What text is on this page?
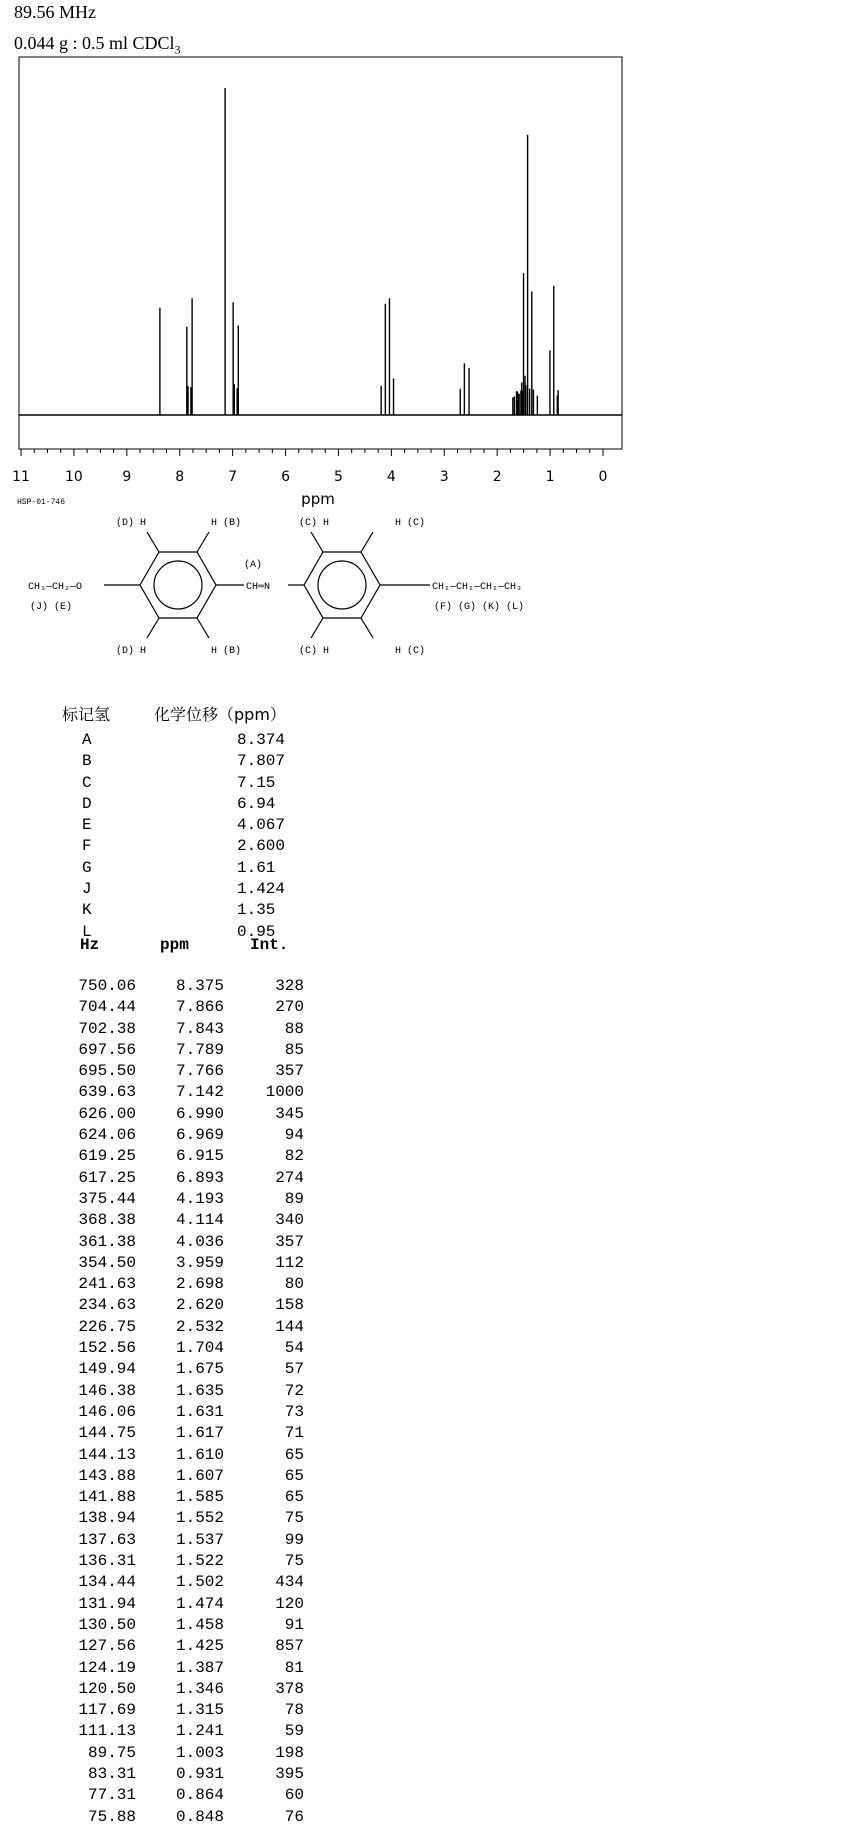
89.56 MHz
0.044 g : 0.5 ml CDCl$_3$
11	10	9	8	7	6	5	4	3	2	1	0
ppm
HSP-01-746
(D) H	H (B)	(C) H	H (C)
(D) H	H (B)	(C) H	H (C)
(A)
CH═N
CH₃—CH₂—O
(J) (E)
CH₂—CH₂—CH₂—CH₃
(F) (G) (K) (L)
标记氢	化学位移（ppm）
A	8.374
B	7.807
C	7.15
D	6.94
E	4.067
F	2.600
G	1.61
J	1.424
K	1.35
L	0.95
Hz	ppm	Int.
750.06	8.375	328
704.44	7.866	270
702.38	7.843	88
697.56	7.789	85
695.50	7.766	357
639.63	7.142	1000
626.00	6.990	345
624.06	6.969	94
619.25	6.915	82
617.25	6.893	274
375.44	4.193	89
368.38	4.114	340
361.38	4.036	357
354.50	3.959	112
241.63	2.698	80
234.63	2.620	158
226.75	2.532	144
152.56	1.704	54
149.94	1.675	57
146.38	1.635	72
146.06	1.631	73
144.75	1.617	71
144.13	1.610	65
143.88	1.607	65
141.88	1.585	65
138.94	1.552	75
137.63	1.537	99
136.31	1.522	75
134.44	1.502	434
131.94	1.474	120
130.50	1.458	91
127.56	1.425	857
124.19	1.387	81
120.50	1.346	378
117.69	1.315	78
111.13	1.241	59
89.75	1.003	198
83.31	0.931	395
77.31	0.864	60
75.88	0.848	76
